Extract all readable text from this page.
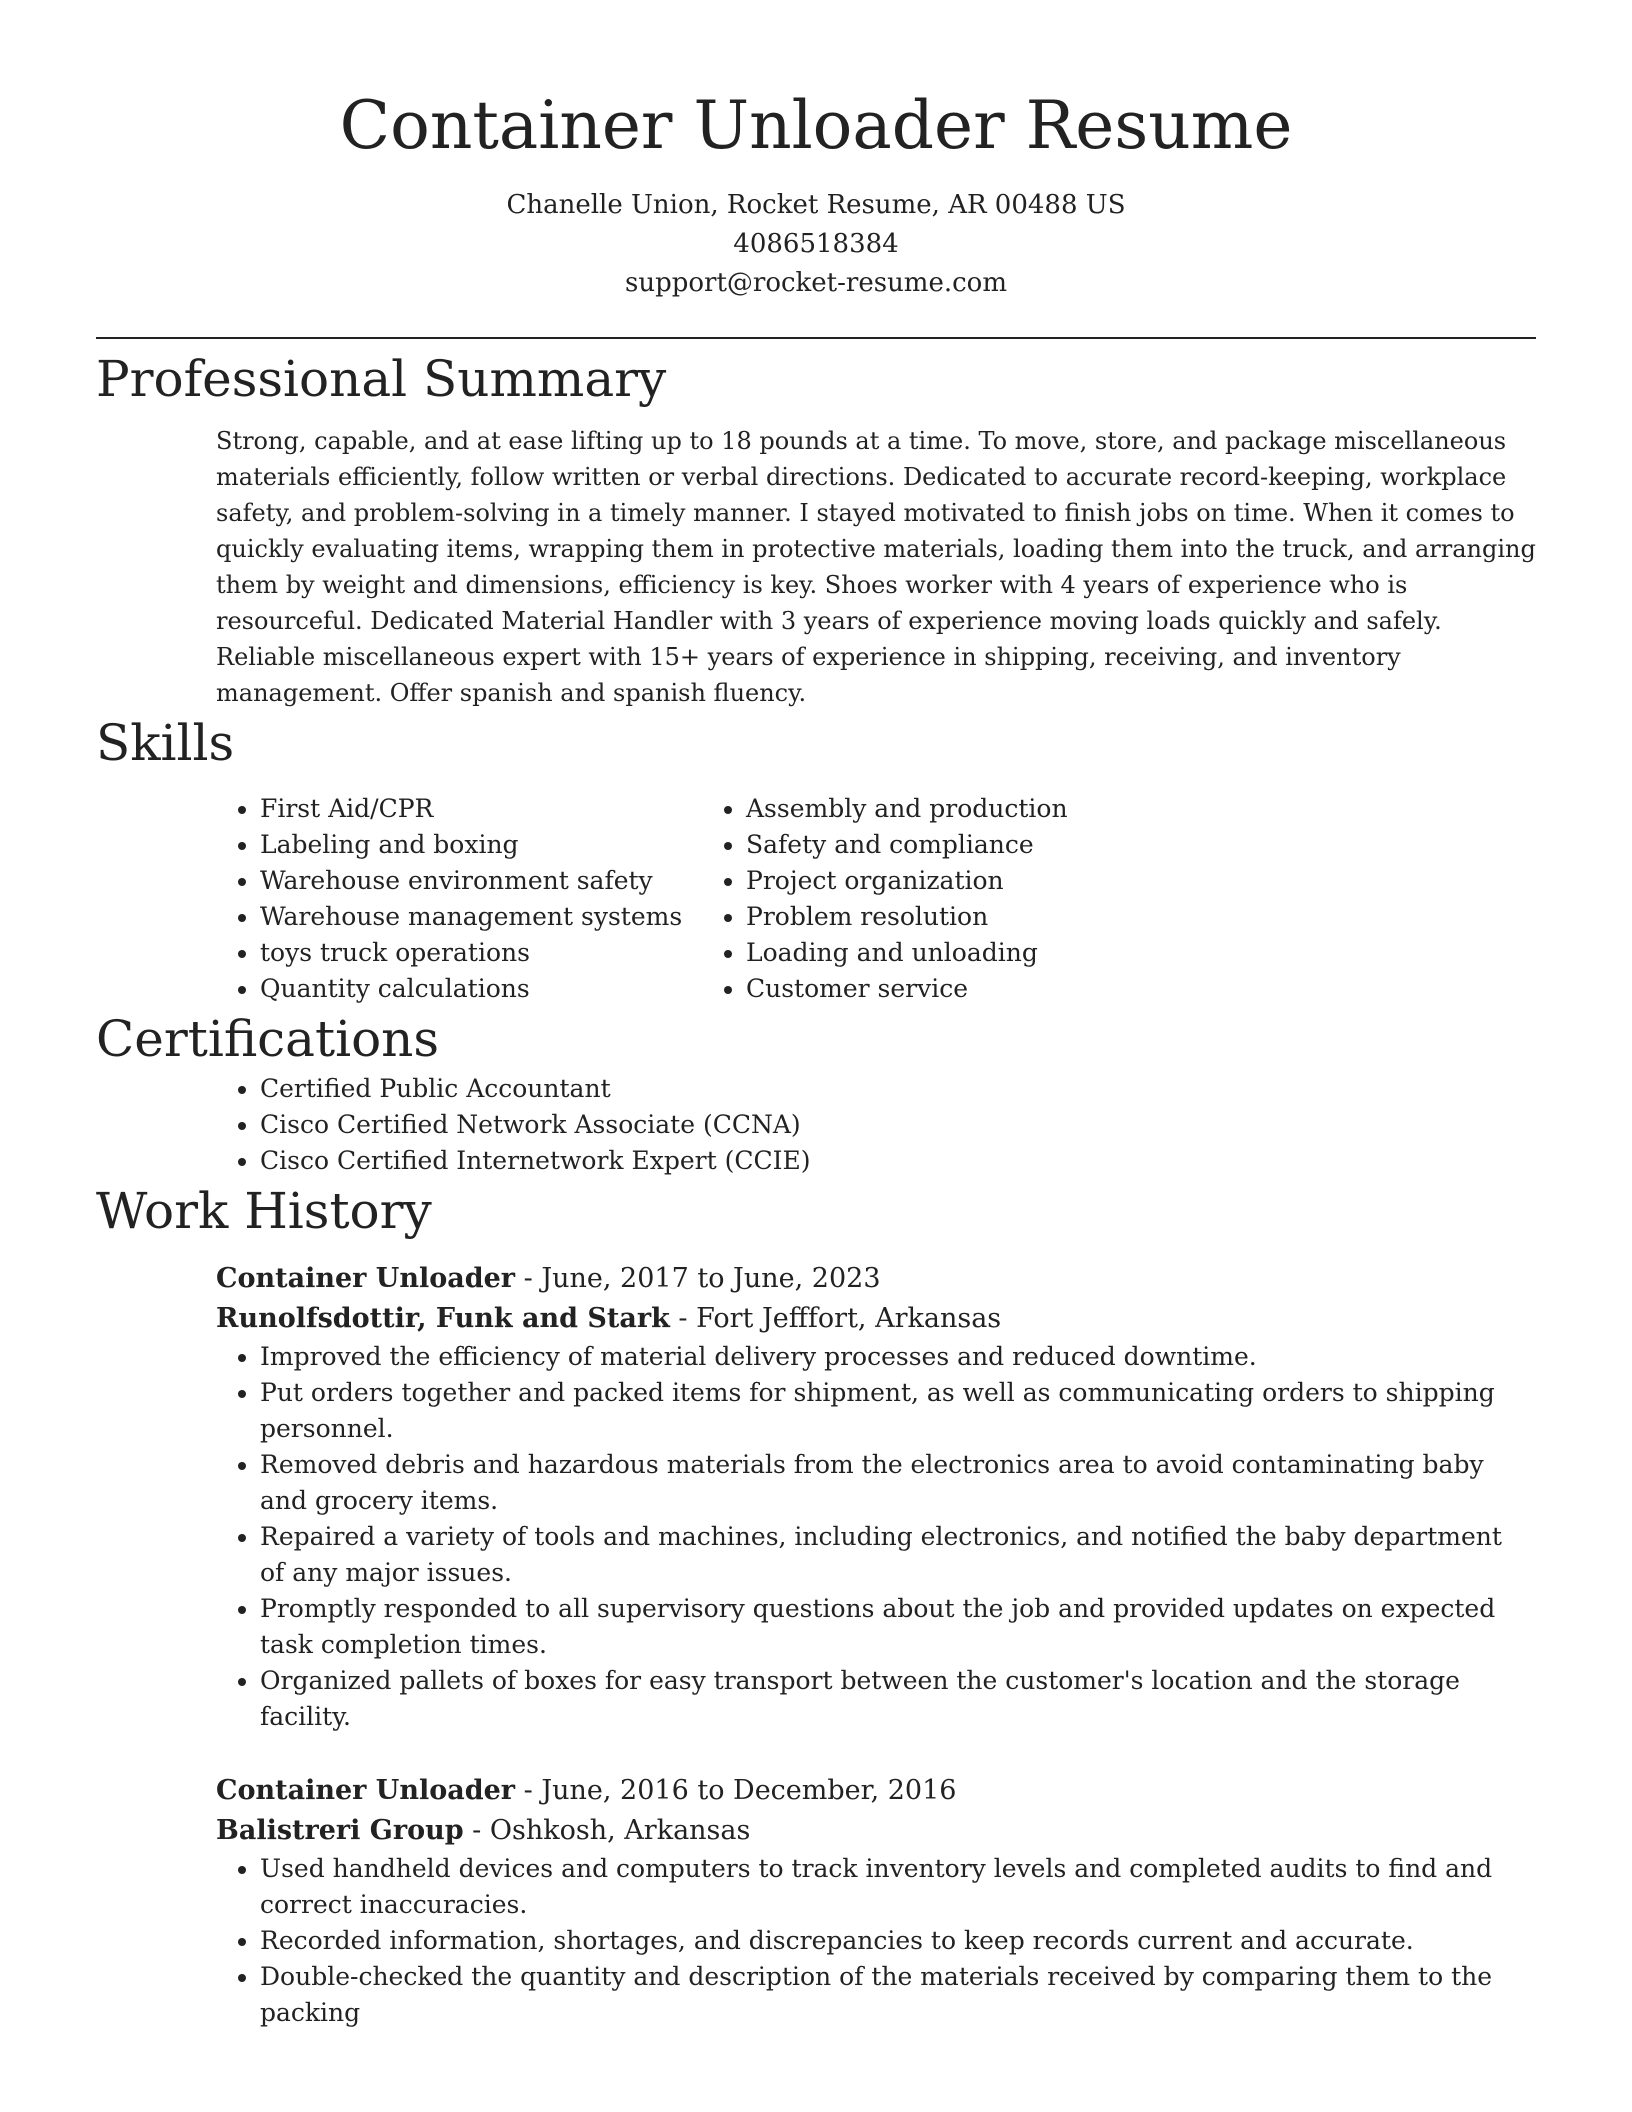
Container Unloader Resume
Chanelle Union, Rocket Resume, AR 00488 US
4086518384
support@rocket-resume.com
Professional Summary

Strong, capable, and at ease lifting up to 18 pounds at a time. To move, store, and package miscellaneous materials efficiently, follow written or verbal directions. Dedicated to accurate record-keeping, workplace safety, and problem-solving in a timely manner. I stayed motivated to finish jobs on time. When it comes to quickly evaluating items, wrapping them in protective materials, loading them into the truck, and arranging them by weight and dimensions, efficiency is key. Shoes worker with 4 years of experience who is resourceful. Dedicated Material Handler with 3 years of experience moving loads quickly and safely. Reliable miscellaneous expert with 15+ years of experience in shipping, receiving, and inventory management. Offer spanish and spanish fluency.

Skills
• First Aid/CPR
• Labeling and boxing
• Warehouse environment safety
• Warehouse management systems
• toys truck operations
• Quantity calculations
• Assembly and production
• Safety and compliance
• Project organization
• Problem resolution
• Loading and unloading
• Customer service
Certifications
• Certified Public Accountant
• Cisco Certified Network Associate (CCNA)
• Cisco Certified Internetwork Expert (CCIE)
Work History
Container Unloader - June, 2017 to June, 2023
Runolfsdottir, Funk and Stark - Fort Jefffort, Arkansas
• Improved the efficiency of material delivery processes and reduced downtime.
• Put orders together and packed items for shipment, as well as communicating orders to shipping personnel.
• Removed debris and hazardous materials from the electronics area to avoid contaminating baby and grocery items.
• Repaired a variety of tools and machines, including electronics, and notified the baby department of any major issues.
• Promptly responded to all supervisory questions about the job and provided updates on expected task completion times.
• Organized pallets of boxes for easy transport between the customer's location and the storage facility.
Container Unloader - June, 2016 to December, 2016
Balistreri Group - Oshkosh, Arkansas
• Used handheld devices and computers to track inventory levels and completed audits to find and correct inaccuracies.
• Recorded information, shortages, and discrepancies to keep records current and accurate.
• Double-checked the quantity and description of the materials received by comparing them to the packing
